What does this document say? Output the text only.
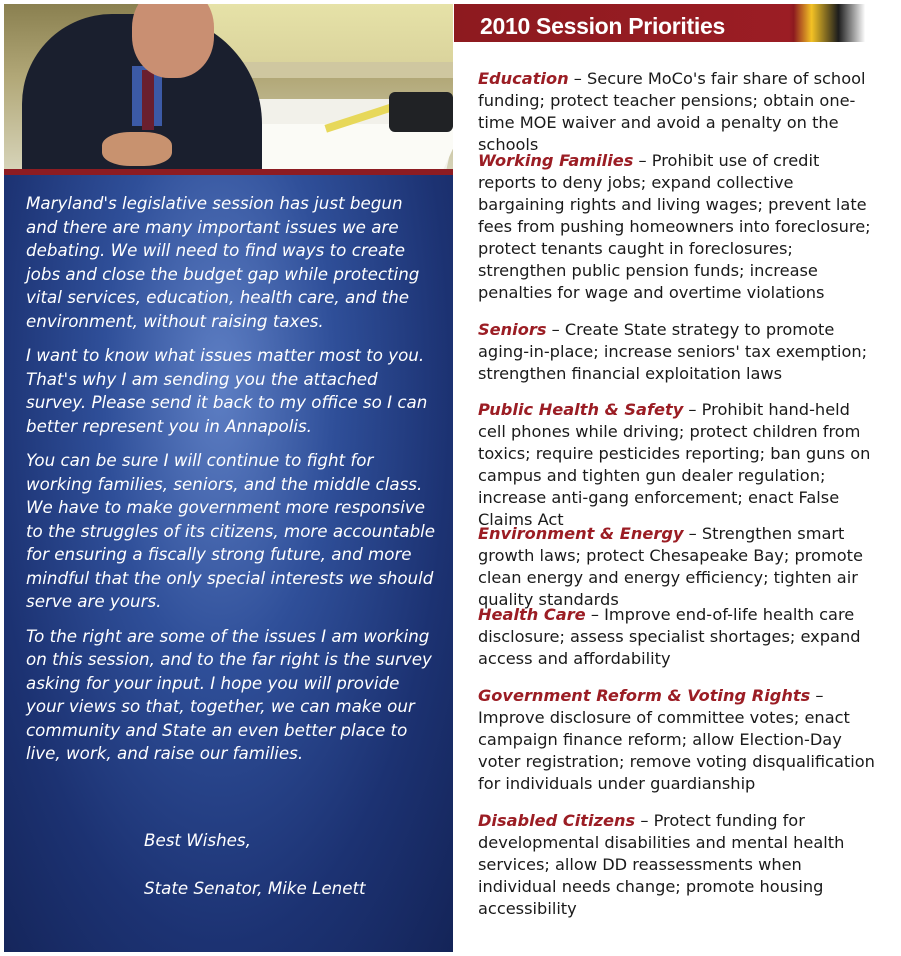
Maryland's legislative session has just begun and there are many important issues we are debating. We will need to find ways to create jobs and close the budget gap while protecting vital services, education, health care, and the environment, without raising taxes.

I want to know what issues matter most to you. That's why I am sending you the attached survey. Please send it back to my office so I can better represent you in Annapolis.

You can be sure I will continue to fight for working families, seniors, and the middle class. We have to make government more responsive to the struggles of its citizens, more accountable for ensuring a fiscally strong future, and more mindful that the only special interests we should serve are yours.

To the right are some of the issues I am working on this session, and to the far right is the survey asking for your input. I hope you will provide your views so that, together, we can make our community and State an even better place to live, work, and raise our families.

Best Wishes,
State Senator, Mike Lenett
2010 Session Priorities
Education – Secure MoCo's fair share of school funding; protect teacher pensions; obtain one-time MOE waiver and avoid a penalty on the schools
Working Families – Prohibit use of credit reports to deny jobs; expand collective bargaining rights and living wages; prevent late fees from pushing homeowners into foreclosure; protect tenants caught in foreclosures; strengthen public pension funds; increase penalties for wage and overtime violations
Seniors – Create State strategy to promote aging-in-place; increase seniors' tax exemption; strengthen financial exploitation laws
Public Health & Safety – Prohibit hand-held cell phones while driving; protect children from toxics; require pesticides reporting; ban guns on campus and tighten gun dealer regulation; increase anti-gang enforcement; enact False Claims Act
Environment & Energy – Strengthen smart growth laws; protect Chesapeake Bay; promote clean energy and energy efficiency; tighten air quality standards
Health Care – Improve end-of-life health care disclosure; assess specialist shortages; expand access and affordability
Government Reform & Voting Rights – Improve disclosure of committee votes; enact campaign finance reform; allow Election-Day voter registration; remove voting disqualification for individuals under guardianship
Disabled Citizens – Protect funding for developmental disabilities and mental health services; allow DD reassessments when individual needs change; promote housing accessibility
